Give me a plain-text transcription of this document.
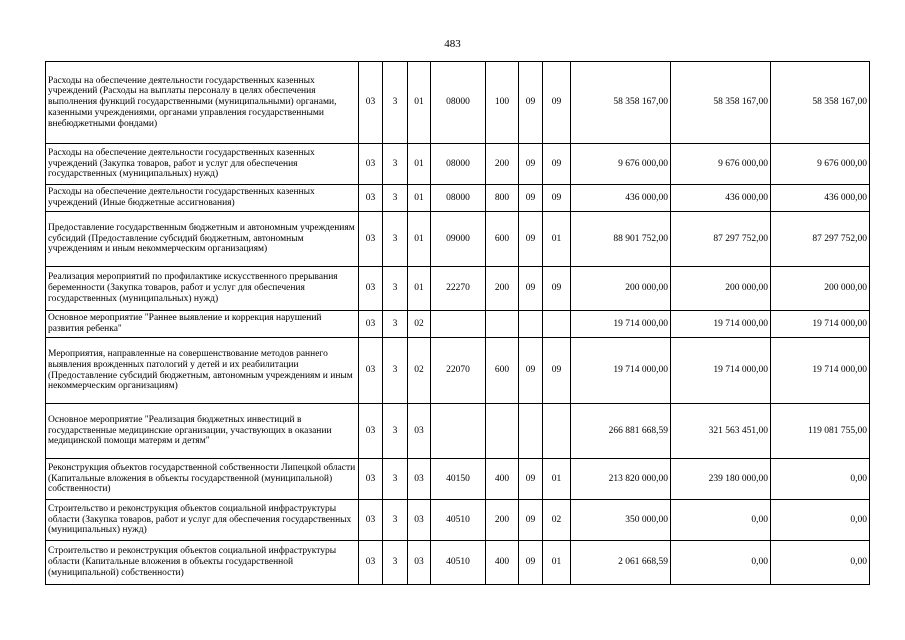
483
Расходы на обеспечение деятельности государственных казенных учреждений (Расходы на выплаты персоналу в целях обеспечения выполнения функций государственными (муниципальными) органами, казенными учреждениями, органами управления государственными внебюджетными фондами)	03	3	01	08000	100	09	09	58 358 167,00	58 358 167,00	58 358 167,00
Расходы на обеспечение деятельности государственных казенных учреждений (Закупка товаров, работ и услуг для обеспечения государственных (муниципальных) нужд)	03	3	01	08000	200	09	09	9 676 000,00	9 676 000,00	9 676 000,00
Расходы на обеспечение деятельности государственных казенных учреждений (Иные бюджетные ассигнования)	03	3	01	08000	800	09	09	436 000,00	436 000,00	436 000,00
Предоставление государственным бюджетным и автономным учреждениям субсидий (Предоставление субсидий бюджетным, автономным учреждениям и иным некоммерческим организациям)	03	3	01	09000	600	09	01	88 901 752,00	87 297 752,00	87 297 752,00
Реализация мероприятий по профилактике искусственного прерывания беременности (Закупка товаров, работ и услуг для обеспечения государственных (муниципальных) нужд)	03	3	01	22270	200	09	09	200 000,00	200 000,00	200 000,00
Основное мероприятие "Раннее выявление и коррекция нарушений развития ребенка"	03	3	02					19 714 000,00	19 714 000,00	19 714 000,00
Мероприятия, направленные на совершенствование методов раннего выявления врожденных патологий у детей и их реабилитации (Предоставление субсидий бюджетным, автономным учреждениям и иным некоммерческим организациям)	03	3	02	22070	600	09	09	19 714 000,00	19 714 000,00	19 714 000,00
Основное мероприятие "Реализация бюджетных инвестиций в государственные медицинские организации, участвующих в оказании медицинской помощи матерям и детям"	03	3	03					266 881 668,59	321 563 451,00	119 081 755,00
Реконструкция объектов государственной собственности Липецкой области (Капитальные вложения в объекты государственной (муниципальной) собственности)	03	3	03	40150	400	09	01	213 820 000,00	239 180 000,00	0,00
Строительство и реконструкция объектов социальной инфраструктуры области (Закупка товаров, работ и услуг для обеспечения государственных (муниципальных) нужд)	03	3	03	40510	200	09	02	350 000,00	0,00	0,00
Строительство и реконструкция объектов социальной инфраструктуры области (Капитальные вложения в объекты государственной (муниципальной) собственности)	03	3	03	40510	400	09	01	2 061 668,59	0,00	0,00
